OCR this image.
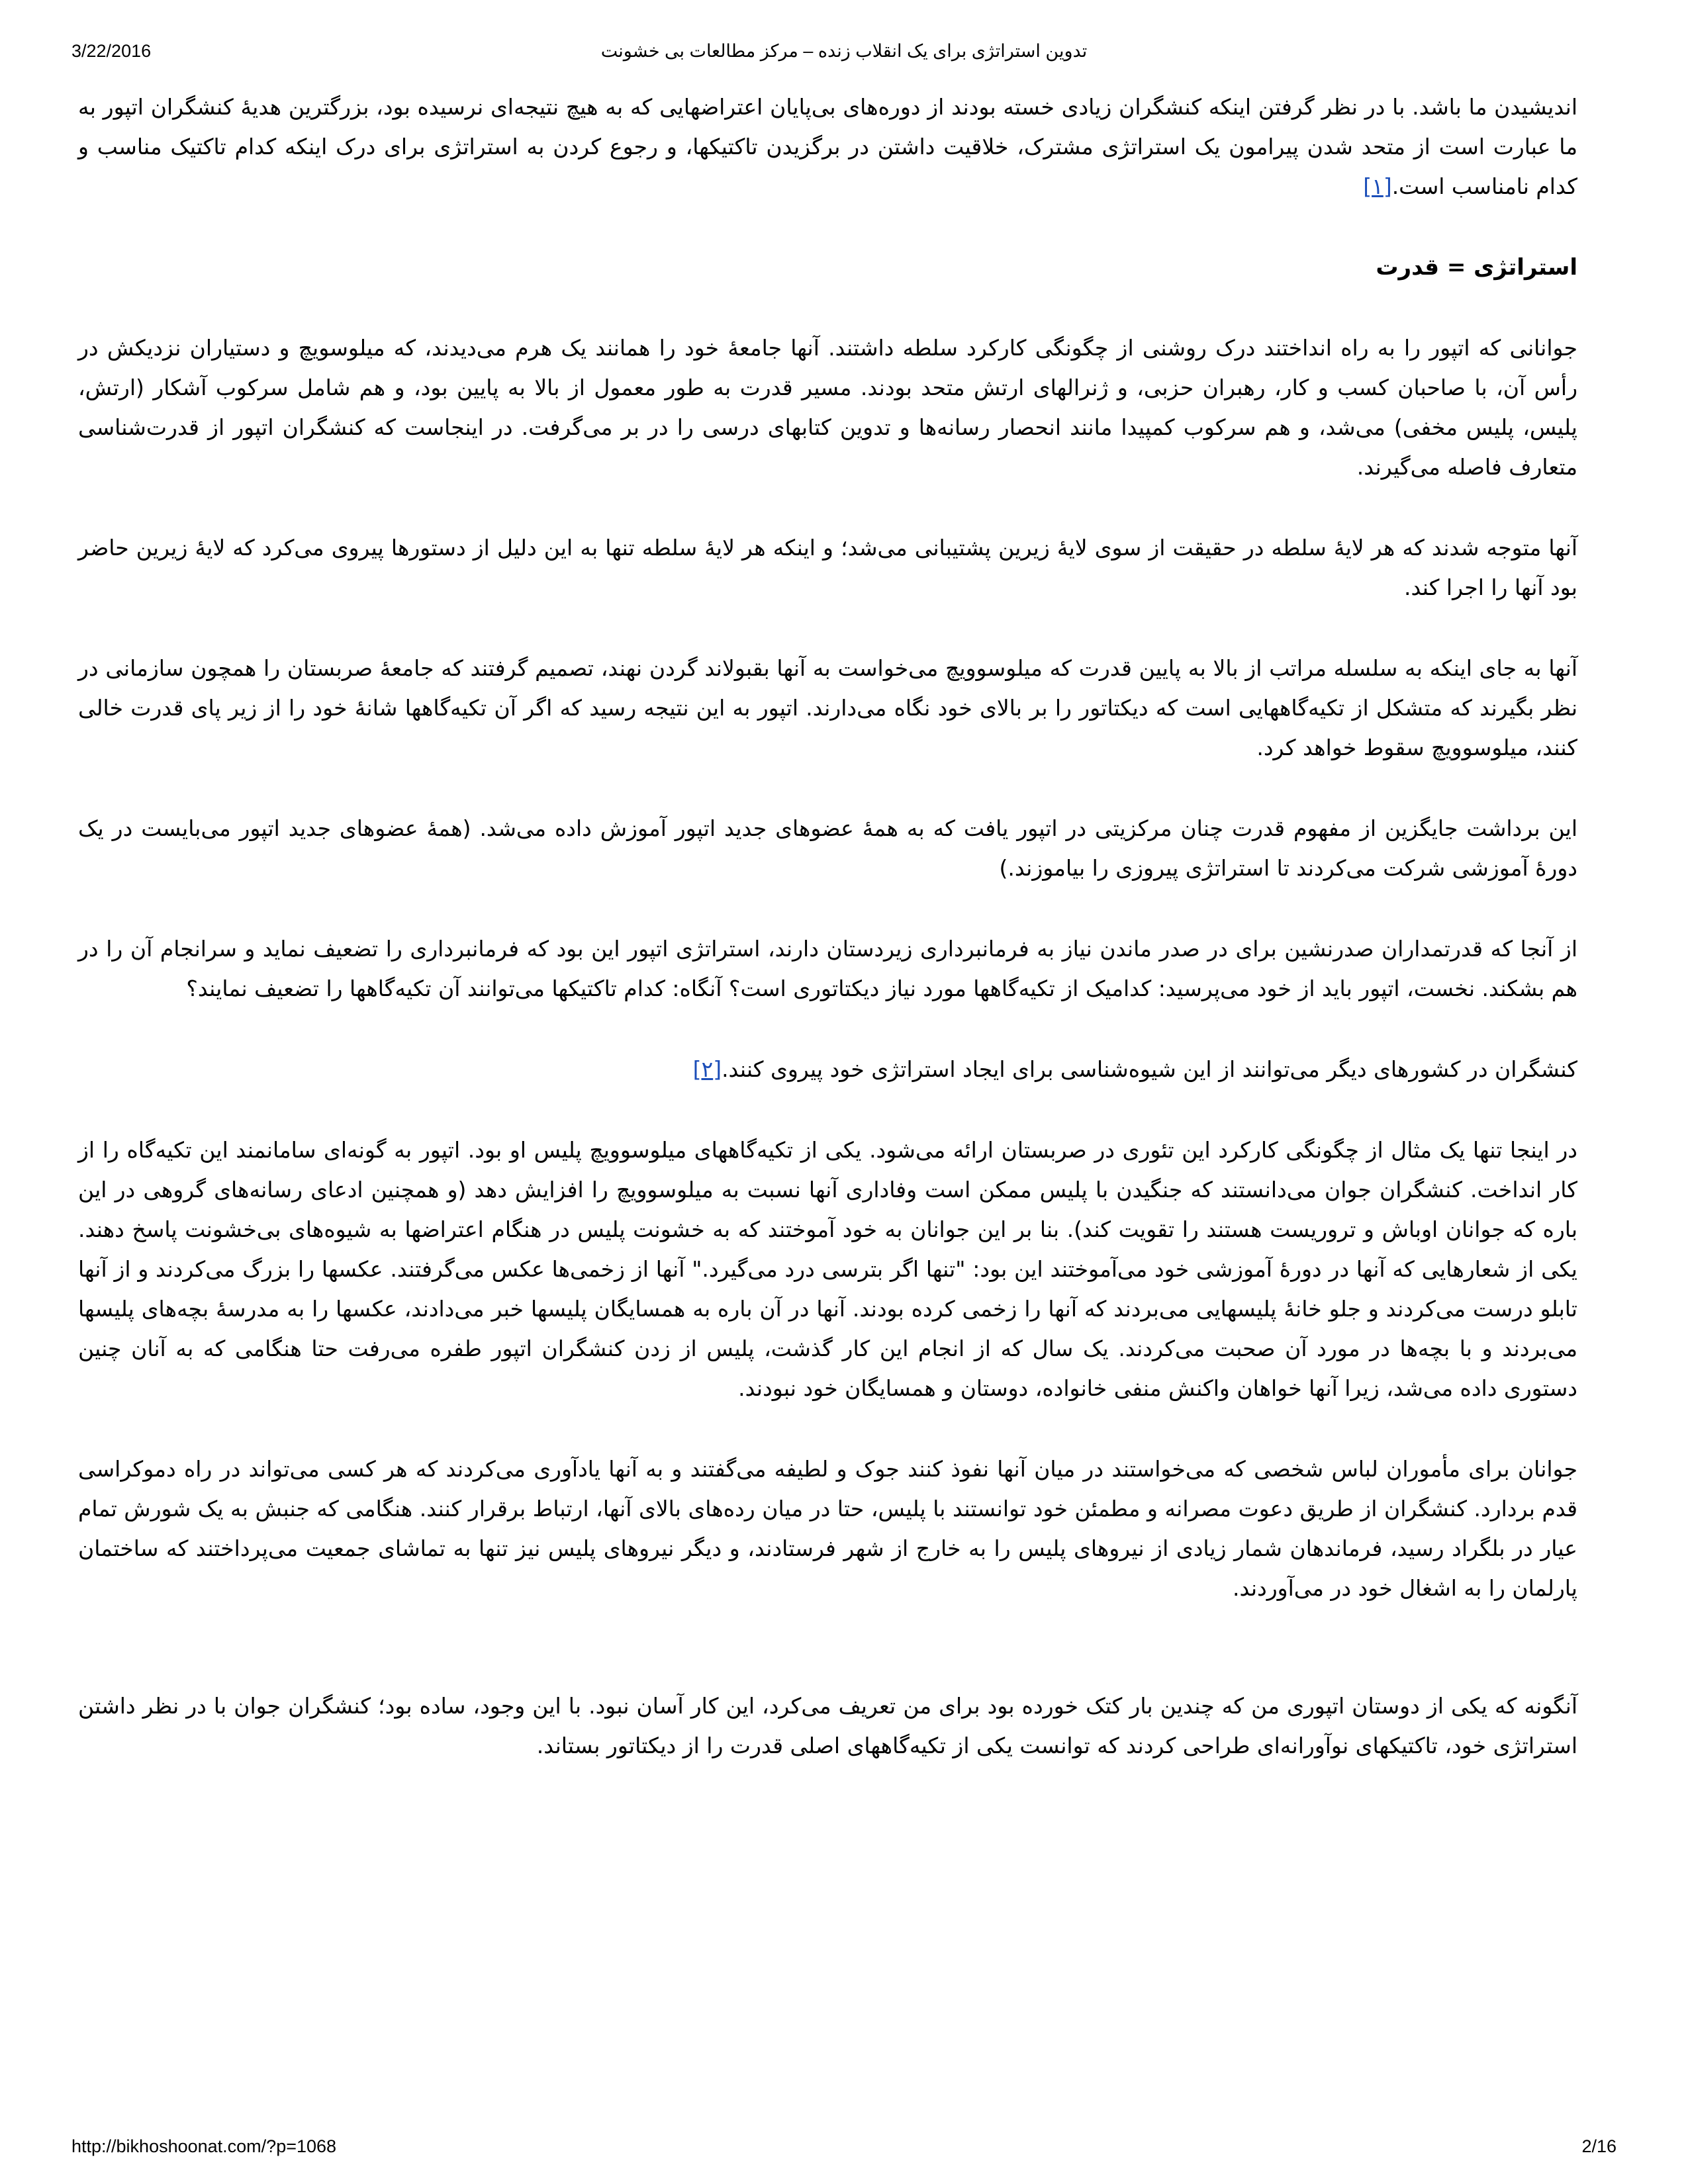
3/22/2016	تدوین استراتژی برای یک انقلاب زنده – مرکز مطالعات بی خشونت

اندیشیدن ما باشد. با در نظر گرفتن اینکه کنشگران زیادی خسته بودند از دوره‌های بی‌پایان اعتراضهایی که به هیچ نتیجه‌ای نرسیده بود، بزرگترین هدیهٔ کنشگران اتپور به ما عبارت است از متحد شدن پیرامون یک استراتژی مشترک، خلاقیت داشتن در برگزیدن تاکتیکها، و رجوع کردن به استراتژی برای درک اینکه کدام تاکتیک مناسب و کدام نامناسب است.[۱]

استراتژی = قدرت

جوانانی که اتپور را به راه انداختند درک روشنی از چگونگی کارکرد سلطه داشتند. آنها جامعهٔ خود را همانند یک هرم می‌دیدند، که میلوسویچ و دستیاران نزدیکش در رأس آن، با صاحبان کسب و کار، رهبران حزبی، و ژنرالهای ارتش متحد بودند. مسیر قدرت به طور معمول از بالا به پایین بود، و هم شامل سرکوب آشکار (ارتش، پلیس، پلیس مخفی) می‌شد، و هم سرکوب کمپیدا مانند انحصار رسانه‌ها و تدوین کتابهای درسی را در بر می‌گرفت. در اینجاست که کنشگران اتپور از قدرت‌شناسی متعارف فاصله می‌گیرند.

آنها متوجه شدند که هر لایهٔ سلطه در حقیقت از سوی لایهٔ زیرین پشتیبانی می‌شد؛ و اینکه هر لایهٔ سلطه تنها به این دلیل از دستورها پیروی می‌کرد که لایهٔ زیرین حاضر بود آنها را اجرا کند.

آنها به جای اینکه به سلسله مراتب از بالا به پایین قدرت که میلوسوویچ می‌خواست به آنها بقبولاند گردن نهند، تصمیم گرفتند که جامعهٔ صربستان را همچون سازمانی در نظر بگیرند که متشکل از تکیه‌گاههایی است که دیکتاتور را بر بالای خود نگاه می‌دارند. اتپور به این نتیجه رسید که اگر آن تکیه‌گاهها شانهٔ خود را از زیر پای قدرت خالی کنند، میلوسوویچ سقوط خواهد کرد.

این برداشت جایگزین از مفهوم قدرت چنان مرکزیتی در اتپور یافت که به همهٔ عضوهای جدید اتپور آموزش داده می‌شد. (همهٔ عضوهای جدید اتپور می‌بایست در یک دورهٔ آموزشی شرکت می‌کردند تا استراتژی پیروزی را بیاموزند.)

از آنجا که قدرتمداران صدرنشین برای در صدر ماندن نیاز به فرمانبرداری زیردستان دارند، استراتژی اتپور این بود که فرمانبرداری را تضعیف نماید و سرانجام آن را در هم بشکند. نخست، اتپور باید از خود می‌پرسید: کدامیک از تکیه‌گاهها مورد نیاز دیکتاتوری است؟ آنگاه: کدام تاکتیکها می‌توانند آن تکیه‌گاهها را تضعیف نمایند؟

کنشگران در کشورهای دیگر می‌توانند از این شیوه‌شناسی برای ایجاد استراتژی خود پیروی کنند.[۲]

در اینجا تنها یک مثال از چگونگی کارکرد این تئوری در صربستان ارائه می‌شود. یکی از تکیه‌گاههای میلوسوویچ پلیس او بود. اتپور به گونه‌ای سامانمند این تکیه‌گاه را از کار انداخت. کنشگران جوان می‌دانستند که جنگیدن با پلیس ممکن است وفاداری آنها نسبت به میلوسوویچ را افزایش دهد (و همچنین ادعای رسانه‌های گروهی در این باره که جوانان اوباش و تروریست هستند را تقویت کند). بنا بر این جوانان به خود آموختند که به خشونت پلیس در هنگام اعتراضها به شیوه‌های بی‌خشونت پاسخ دهند. یکی از شعارهایی که آنها در دورهٔ آموزشی خود می‌آموختند این بود: "تنها اگر بترسی درد می‌گیرد." آنها از زخمی‌ها عکس می‌گرفتند. عکسها را بزرگ می‌کردند و از آنها تابلو درست می‌کردند و جلو خانهٔ پلیسهایی می‌بردند که آنها را زخمی کرده بودند. آنها در آن باره به همسایگان پلیسها خبر می‌دادند، عکسها را به مدرسهٔ بچه‌های پلیسها می‌بردند و با بچه‌ها در مورد آن صحبت می‌کردند. یک سال که از انجام این کار گذشت، پلیس از زدن کنشگران اتپور طفره می‌رفت حتا هنگامی که به آنان چنین دستوری داده می‌شد، زیرا آنها خواهان واکنش منفی خانواده، دوستان و همسایگان خود نبودند.

جوانان برای مأموران لباس شخصی که می‌خواستند در میان آنها نفوذ کنند جوک و لطیفه می‌گفتند و به آنها یادآوری می‌کردند که هر کسی می‌تواند در راه دموکراسی قدم بردارد. کنشگران از طریق دعوت مصرانه و مطمئن خود توانستند با پلیس، حتا در میان رده‌های بالای آنها، ارتباط برقرار کنند. هنگامی که جنبش به یک شورش تمام عیار در بلگراد رسید، فرماندهان شمار زیادی از نیروهای پلیس را به خارج از شهر فرستادند، و دیگر نیروهای پلیس نیز تنها به تماشای جمعیت می‌پرداختند که ساختمان پارلمان را به اشغال خود در می‌آوردند.

آنگونه که یکی از دوستان اتپوری من که چندین بار کتک خورده بود برای من تعریف می‌کرد، این کار آسان نبود. با این وجود، ساده بود؛ کنشگران جوان با در نظر داشتن استراتژی خود، تاکتیکهای نوآورانه‌ای طراحی کردند که توانست یکی از تکیه‌گاههای اصلی قدرت را از دیکتاتور بستاند.

http://bikhoshoonat.com/?p=1068	2/16
